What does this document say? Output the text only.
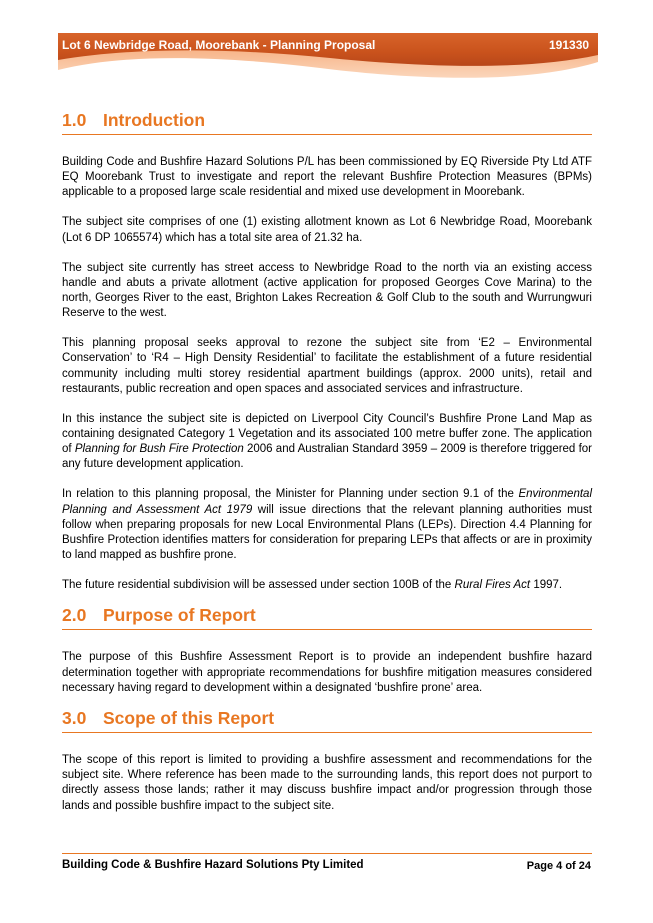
Lot 6 Newbridge Road, Moorebank - Planning Proposal	191330
1.0 Introduction

Building Code and Bushfire Hazard Solutions P/L has been commissioned by EQ Riverside Pty Ltd ATF EQ Moorebank Trust to investigate and report the relevant Bushfire Protection Measures (BPMs) applicable to a proposed large scale residential and mixed use development in Moorebank.

The subject site comprises of one (1) existing allotment known as Lot 6 Newbridge Road, Moorebank (Lot 6 DP 1065574) which has a total site area of 21.32 ha.

The subject site currently has street access to Newbridge Road to the north via an existing access handle and abuts a private allotment (active application for proposed Georges Cove Marina) to the north, Georges River to the east, Brighton Lakes Recreation & Golf Club to the south and Wurrungwuri Reserve to the west.

This planning proposal seeks approval to rezone the subject site from ‘E2 – Environmental Conservation’ to ‘R4 – High Density Residential’ to facilitate the establishment of a future residential community including multi storey residential apartment buildings (approx. 2000 units), retail and restaurants, public recreation and open spaces and associated services and infrastructure.

In this instance the subject site is depicted on Liverpool City Council’s Bushfire Prone Land Map as containing designated Category 1 Vegetation and its associated 100 metre buffer zone. The application of Planning for Bush Fire Protection 2006 and Australian Standard 3959 – 2009 is therefore triggered for any future development application.

In relation to this planning proposal, the Minister for Planning under section 9.1 of the Environmental Planning and Assessment Act 1979 will issue directions that the relevant planning authorities must follow when preparing proposals for new Local Environmental Plans (LEPs). Direction 4.4 Planning for Bushfire Protection identifies matters for consideration for preparing LEPs that affects or are in proximity to land mapped as bushfire prone.

The future residential subdivision will be assessed under section 100B of the Rural Fires Act 1997.

2.0 Purpose of Report

The purpose of this Bushfire Assessment Report is to provide an independent bushfire hazard determination together with appropriate recommendations for bushfire mitigation measures considered necessary having regard to development within a designated ‘bushfire prone’ area.

3.0 Scope of this Report

The scope of this report is limited to providing a bushfire assessment and recommendations for the subject site. Where reference has been made to the surrounding lands, this report does not purport to directly assess those lands; rather it may discuss bushfire impact and/or progression through those lands and possible bushfire impact to the subject site.

Building Code & Bushfire Hazard Solutions Pty Limited	Page 4 of 24
